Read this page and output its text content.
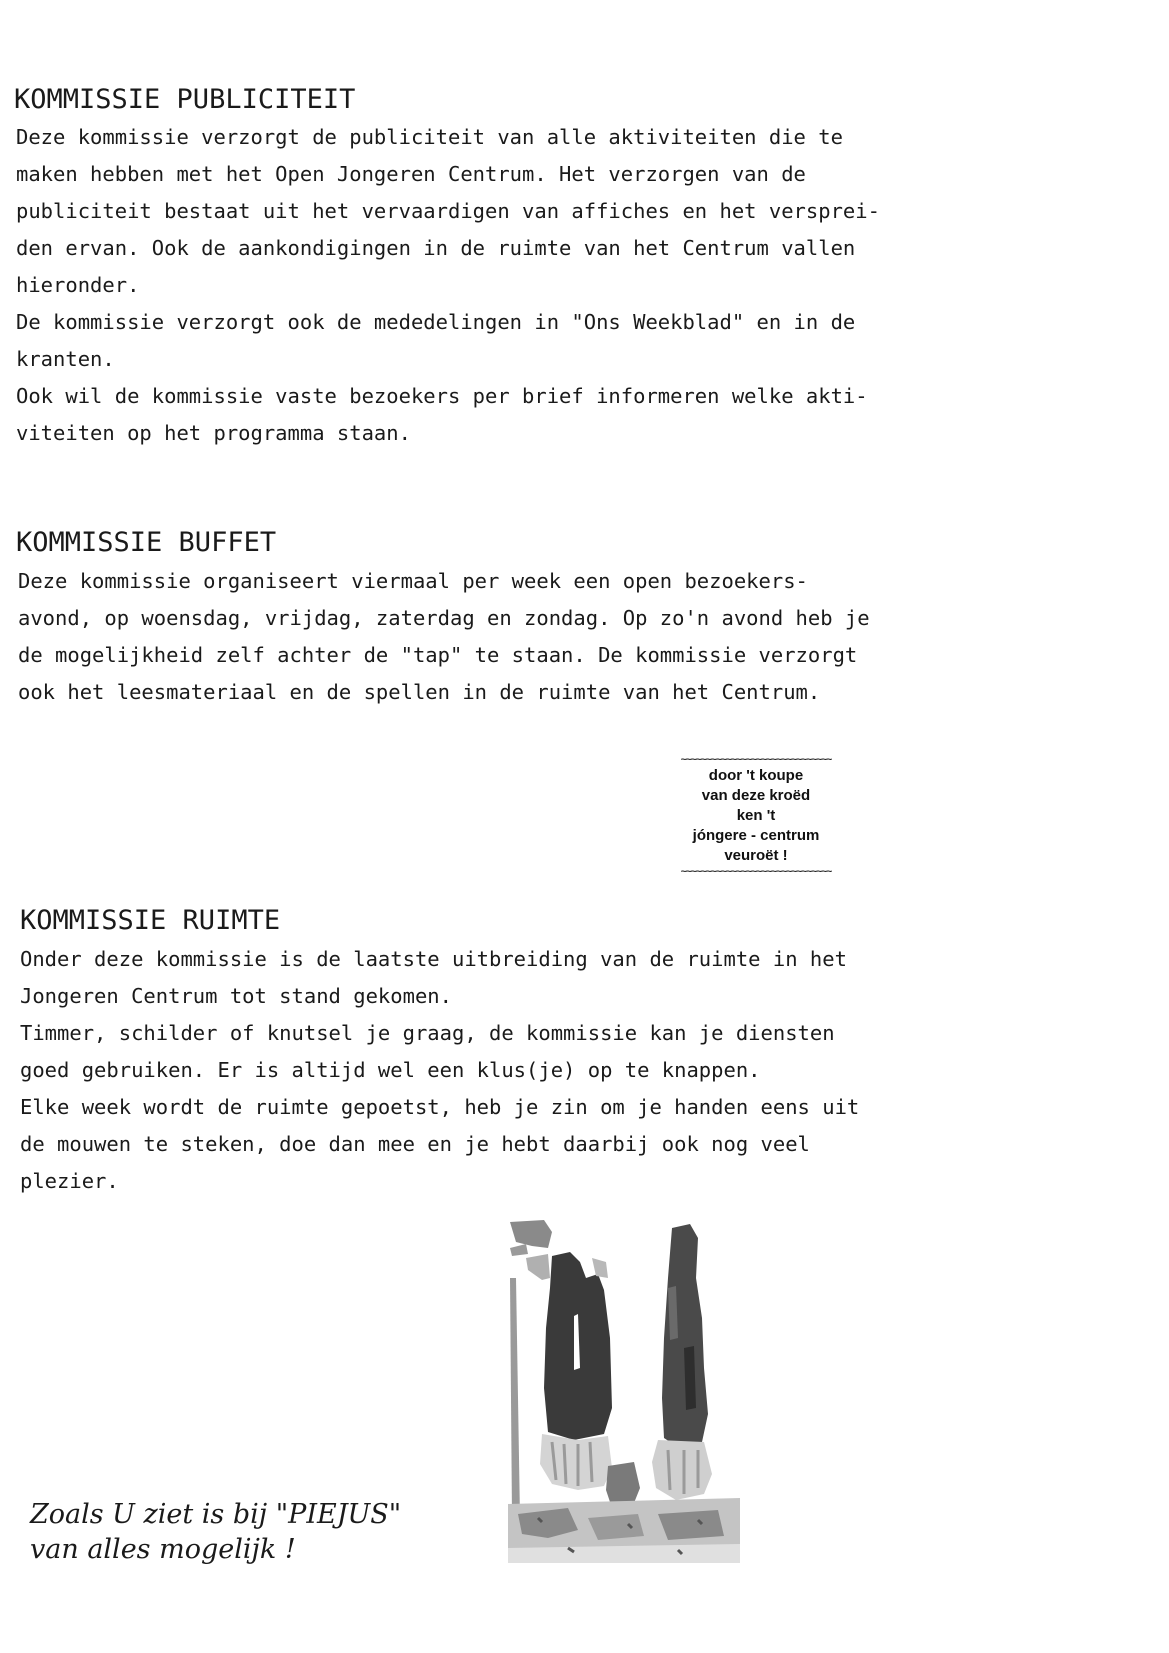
KOMMISSIE PUBLICITEIT
Deze kommissie verzorgt de publiciteit van alle aktiviteiten die te
maken hebben met het Open Jongeren Centrum. Het verzorgen van de
publiciteit bestaat uit het vervaardigen van affiches en het versprei-
den ervan. Ook de aankondigingen in de ruimte van het Centrum vallen
hieronder.
De kommissie verzorgt ook de mededelingen in "Ons Weekblad" en in de
kranten.
Ook wil de kommissie vaste bezoekers per brief informeren welke akti-
viteiten op het programma staan.
KOMMISSIE BUFFET
Deze kommissie organiseert viermaal per week een open bezoekers-
avond, op woensdag, vrijdag, zaterdag en zondag. Op zo'n avond heb je
de mogelijkheid zelf achter de "tap" te staan. De kommissie verzorgt
ook het leesmateriaal en de spellen in de ruimte van het Centrum.
~~~~~~~~~~~~~~~~~~~~~~~~~~~~~~
door 't koupe
van deze kroëd
ken 't
jóngere - centrum
veuroët !
~~~~~~~~~~~~~~~~~~~~~~~~~~~~~~
KOMMISSIE RUIMTE
Onder deze kommissie is de laatste uitbreiding van de ruimte in het
Jongeren Centrum tot stand gekomen.
Timmer, schilder of knutsel je graag, de kommissie kan je diensten
goed gebruiken. Er is altijd wel een klus(je) op te knappen.
Elke week wordt de ruimte gepoetst, heb je zin om je handen eens uit
de mouwen te steken, doe dan mee en je hebt daarbij ook nog veel
plezier.
Zoals U ziet is bij "PIEJUS"
van alles mogelijk !
